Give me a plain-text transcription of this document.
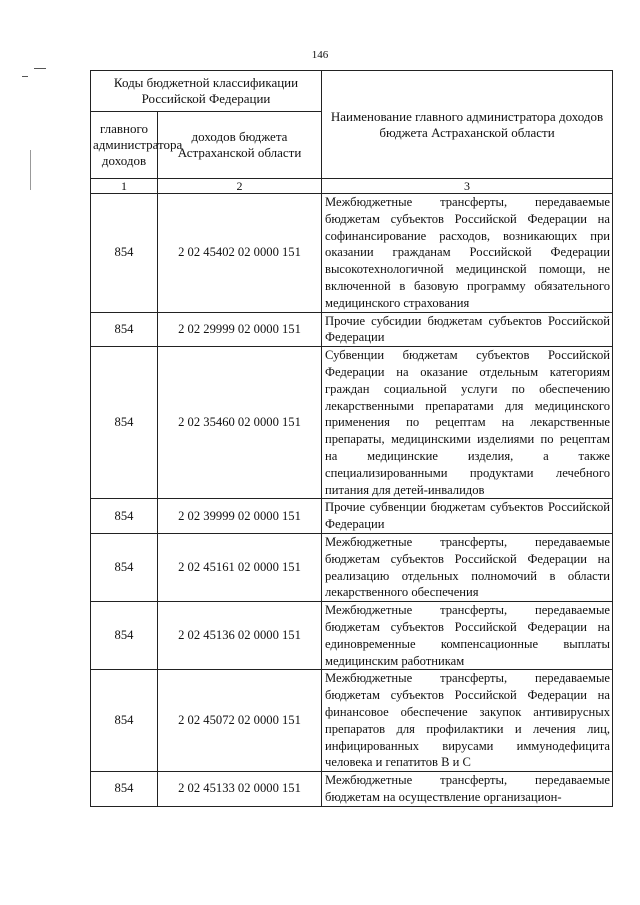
146
Коды бюджетной классификации Российской Федерации		Наименование главного администратора доходов бюджета Астраханской области
главного администратора доходов	доходов бюджета Астраханской области	
1	2	3
854	2 02 45402 02 0000 151	Межбюджетные трансферты, передаваемые бюджетам субъектов Российской Федерации на софинансирование расходов, возникающих при оказании гражданам Российской Федерации высокотехнологичной медицинской помощи, не включенной в базовую программу обязательного медицинского страхования
854	2 02 29999 02 0000 151	Прочие субсидии бюджетам субъектов Российской Федерации
854	2 02 35460 02 0000 151	Субвенции бюджетам субъектов Российской Федерации на оказание отдельным категориям граждан социальной услуги по обеспечению лекарственными препаратами для медицинского применения по рецептам на лекарственные препараты, медицинскими изделиями по рецептам на медицинские изделия, а также специализированными продуктами лечебного питания для детей-инвалидов
854	2 02 39999 02 0000 151	Прочие субвенции бюджетам субъектов Российской Федерации
854	2 02 45161 02 0000 151	Межбюджетные трансферты, передаваемые бюджетам субъектов Российской Федерации на реализацию отдельных полномочий в области лекарственного обеспечения
854	2 02 45136 02 0000 151	Межбюджетные трансферты, передаваемые бюджетам субъектов Российской Федерации на единовременные компенсационные выплаты медицинским работникам
854	2 02 45072 02 0000 151	Межбюджетные трансферты, передаваемые бюджетам субъектов Российской Федерации на финансовое обеспечение закупок антивирусных препаратов для профилактики и лечения лиц, инфицированных вирусами иммунодефицита человека и гепатитов В и С
854	2 02 45133 02 0000 151	Межбюджетные трансферты, передаваемые бюджетам на осуществление организацион-
